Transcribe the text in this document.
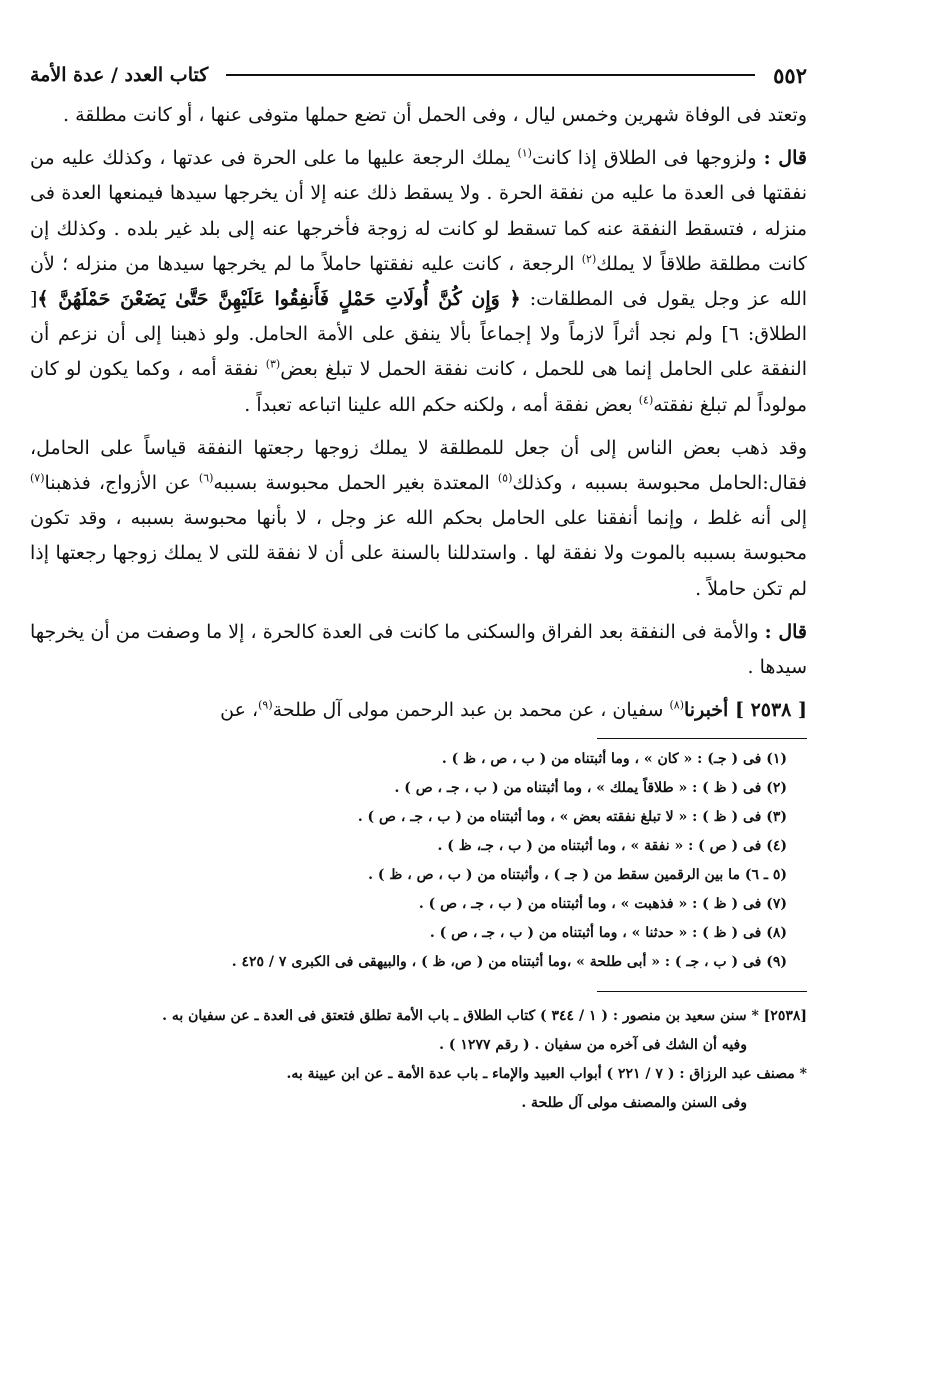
٥٥٢
كتاب العدد / عدة الأمة

وتعتد فى الوفاة شهرين وخمس ليال ، وفى الحمل أن تضع حملها متوفى عنها ، أو كانت مطلقة .

قال : ولزوجها فى الطلاق إذا كانت$^{(١)}$ يملك الرجعة عليها ما على الحرة فى عدتها ، وكذلك عليه من نفقتها فى العدة ما عليه من نفقة الحرة . ولا يسقط ذلك عنه إلا أن يخرجها سيدها فيمنعها العدة فى منزله ، فتسقط النفقة عنه كما تسقط لو كانت له زوجة فأخرجها عنه إلى بلد غير بلده . وكذلك إن كانت مطلقة طلاقاً لا يملك$^{(٢)}$ الرجعة ، كانت عليه نفقتها حاملاً ما لم يخرجها سيدها من منزله ؛ لأن الله عز وجل يقول فى المطلقات: ﴿ وَإِن كُنَّ أُولَاتِ حَمْلٍ فَأَنفِقُوا عَلَيْهِنَّ حَتَّىٰ يَضَعْنَ حَمْلَهُنَّ ﴾[ الطلاق: ٦] ولم نجد أثراً لازماً ولا إجماعاً بألا ينفق على الأمة الحامل. ولو ذهبنا إلى أن نزعم أن النفقة على الحامل إنما هى للحمل ، كانت نفقة الحمل لا تبلغ بعض$^{(٣)}$ نفقة أمه ، وكما يكون لو كان مولوداً لم تبلغ نفقته$^{(٤)}$ بعض نفقة أمه ، ولكنه حكم الله علينا اتباعه تعبداً .

وقد ذهب بعض الناس إلى أن جعل للمطلقة لا يملك زوجها رجعتها النفقة قياساً على الحامل، فقال:الحامل محبوسة بسببه ، وكذلك$^{(٥)}$ المعتدة بغير الحمل محبوسة بسببه$^{(٦)}$ عن الأزواج، فذهبنا$^{(٧)}$ إلى أنه غلط ، وإنما أنفقنا على الحامل بحكم الله عز وجل ، لا بأنها محبوسة بسببه ، وقد تكون محبوسة بسببه بالموت ولا نفقة لها . واستدللنا بالسنة على أن لا نفقة للتى لا يملك زوجها رجعتها إذا لم تكن حاملاً .

قال : والأمة فى النفقة بعد الفراق والسكنى ما كانت فى العدة كالحرة ، إلا ما وصفت من أن يخرجها سيدها .

[ ٢٥٣٨ ] أخبرنا$^{(٨)}$ سفيان ، عن محمد بن عبد الرحمن مولى آل طلحة$^{(٩)}$، عن

(١) فى ( جـ) : « كان » ، وما أثبتناه من ( ب ، ص ، ظ ) .
(٢) فى ( ظ ) : « طلاقاً يملك » ، وما أثبتناه من ( ب ، جـ ، ص ) .
(٣) فى ( ظ ) : « لا تبلغ نفقته بعض » ، وما أثبتناه من ( ب ، جـ ، ص ) .
(٤) فى ( ص ) : « نفقة » ، وما أثبتناه من ( ب ، جـ، ظ ) .
(٥ ـ ٦) ما بين الرقمين سقط من ( جـ ) ، وأثبتناه من ( ب ، ص ، ظ ) .
(٧) فى ( ظ ) : « فذهبت » ، وما أثبتناه من ( ب ، جـ ، ص ) .
(٨) فى ( ظ ) : « حدثنا » ، وما أثبتناه من ( ب ، جـ ، ص ) .
(٩) فى ( ب ، جـ ) : « أبى طلحة » ،وما أثبتناه من ( ص، ظ ) ، والبيهقى فى الكبرى ٧ / ٤٢٥ .
[٢٥٣٨] * سنن سعيد بن منصور : ( ١ / ٣٤٤ ) كتاب الطلاق ـ باب الأمة تطلق فتعتق فى العدة ـ عن سفيان به .
وفيه أن الشك فى آخره من سفيان . ( رقم ١٢٧٧ ) .
* مصنف عبد الرزاق : ( ٧ / ٢٢١ ) أبواب العبيد والإماء ـ باب عدة الأمة ـ عن ابن عيينة به.
وفى السنن والمصنف مولى آل طلحة .
